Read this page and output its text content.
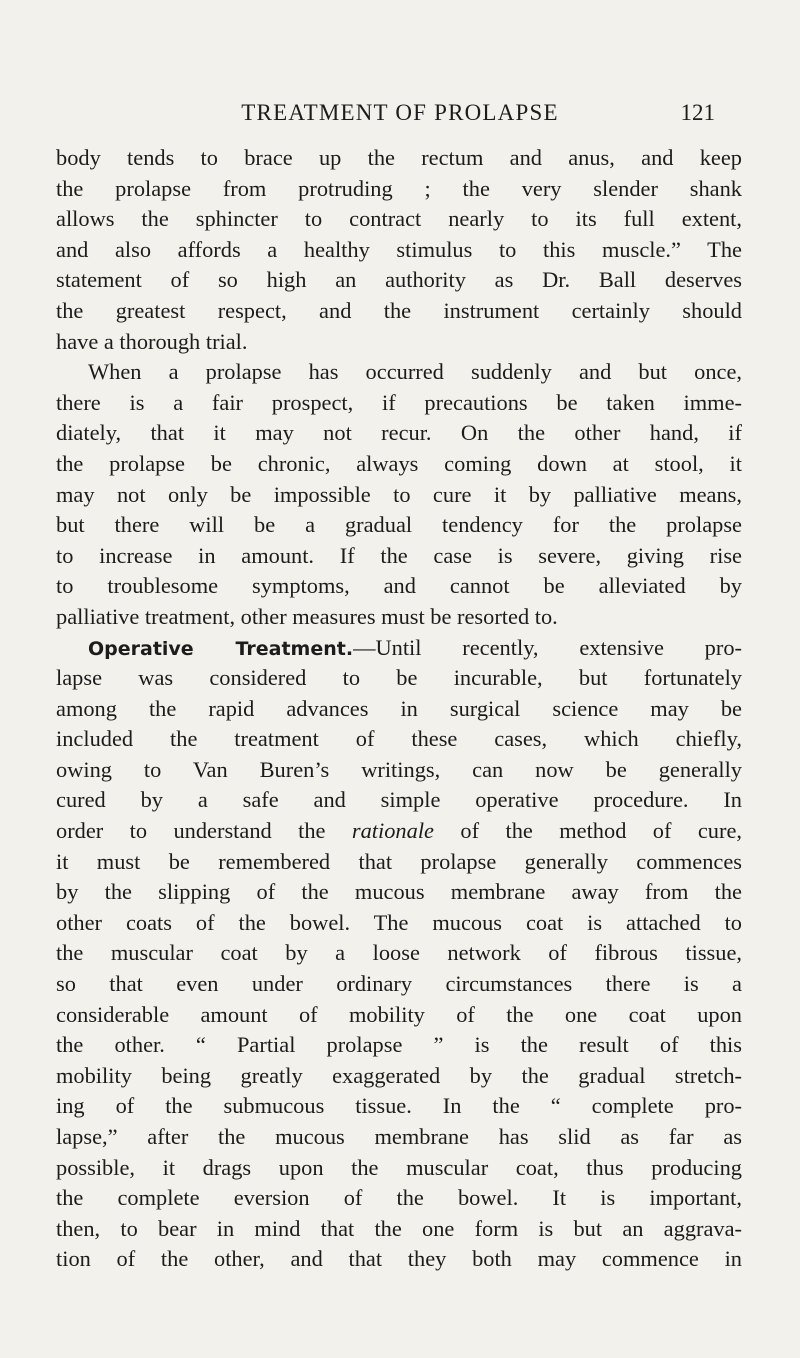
TREATMENT OF PROLAPSE	121
body tends to brace up the rectum and anus, and keep
the prolapse from protruding ; the very slender shank
allows the sphincter to contract nearly to its full extent,
and also affords a healthy stimulus to this muscle.” The
statement of so high an authority as Dr. Ball deserves
the greatest respect, and the instrument certainly should
have a thorough trial.
When a prolapse has occurred suddenly and but once,
there is a fair prospect, if precautions be taken imme-
diately, that it may not recur. On the other hand, if
the prolapse be chronic, always coming down at stool, it
may not only be impossible to cure it by palliative means,
but there will be a gradual tendency for the prolapse
to increase in amount. If the case is severe, giving rise
to troublesome symptoms, and cannot be alleviated by
palliative treatment, other measures must be resorted to.
Operative Treatment.—Until recently, extensive pro-
lapse was considered to be incurable, but fortunately
among the rapid advances in surgical science may be
included the treatment of these cases, which chiefly,
owing to Van Buren’s writings, can now be generally
cured by a safe and simple operative procedure. In
order to understand the rationale of the method of cure,
it must be remembered that prolapse generally commences
by the slipping of the mucous membrane away from the
other coats of the bowel. The mucous coat is attached to
the muscular coat by a loose network of fibrous tissue,
so that even under ordinary circumstances there is a
considerable amount of mobility of the one coat upon
the other. “ Partial prolapse ” is the result of this
mobility being greatly exaggerated by the gradual stretch-
ing of the submucous tissue. In the “ complete pro-
lapse,” after the mucous membrane has slid as far as
possible, it drags upon the muscular coat, thus producing
the complete eversion of the bowel. It is important,
then, to bear in mind that the one form is but an aggrava-
tion of the other, and that they both may commence in
